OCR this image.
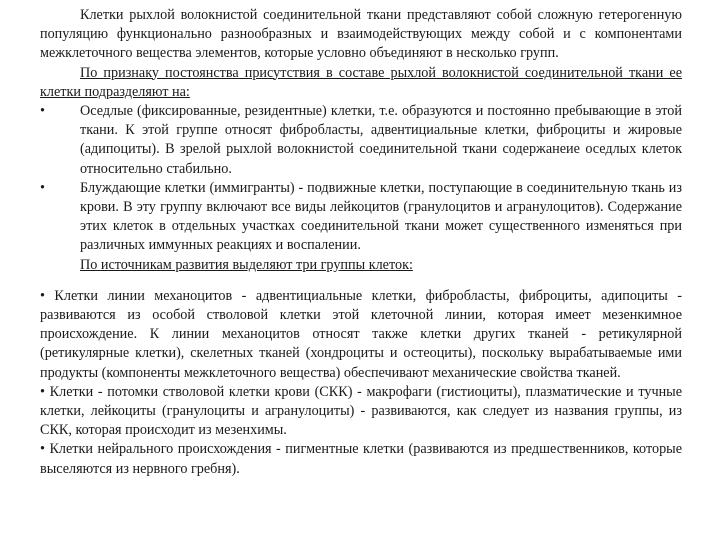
Клетки рыхлой волокнистой соединительной ткани представляют собой сложную гетерогенную популяцию функционально разнообразных и взаимодействующих между собой и с компонентами межклеточного вещества элементов, которые условно объединяют в несколько групп.

По признаку постоянства присутствия в составе рыхлой волокнистой соединительной ткани ее клетки подразделяют на:

•	Оседлые (фиксированные, резидентные) клетки, т.е. образуются и постоянно пребывающие в этой ткани. К этой группе относят фибробласты, адвентициальные клетки, фиброциты и жировые (адипоциты). В зрелой рыхлой волокнистой соединительной ткани содержанеие оседлых клеток относительно стабильно.
•	Блуждающие клетки (иммигранты) - подвижные клетки, поступающие в соединительную ткань из крови. В эту группу включают все виды лейкоцитов (гранулоцитов и агранулоцитов). Содержание этих клеток в отдельных участках соединительной ткани может существенного изменяться при различных иммунных реакциях и воспалении.

По источникам развития выделяют три группы клеток:

• Клетки линии механоцитов - адвентициальные клетки, фибробласты, фиброциты, адипоциты - развиваются из особой стволовой клетки этой клеточной линии, которая имеет мезенкимное происхождение. К линии механоцитов относят также клетки других тканей - ретикулярной (ретикулярные клетки), скелетных тканей (хондроциты и остеоциты), поскольку вырабатываемые ими продукты (компоненты межклеточного вещества) обеспечивают механические свойства тканей.

• Клетки - потомки стволовой клетки крови (СКК) - макрофаги (гистиоциты), плазматические и тучные клетки, лейкоциты (гранулоциты и агранулоциты) - развиваются, как следует из названия группы, из СКК, которая происходит из мезенхимы.

• Клетки нейрального происхождения - пигментные клетки (развиваются из предшественников, которые выселяются из нервного гребня).
